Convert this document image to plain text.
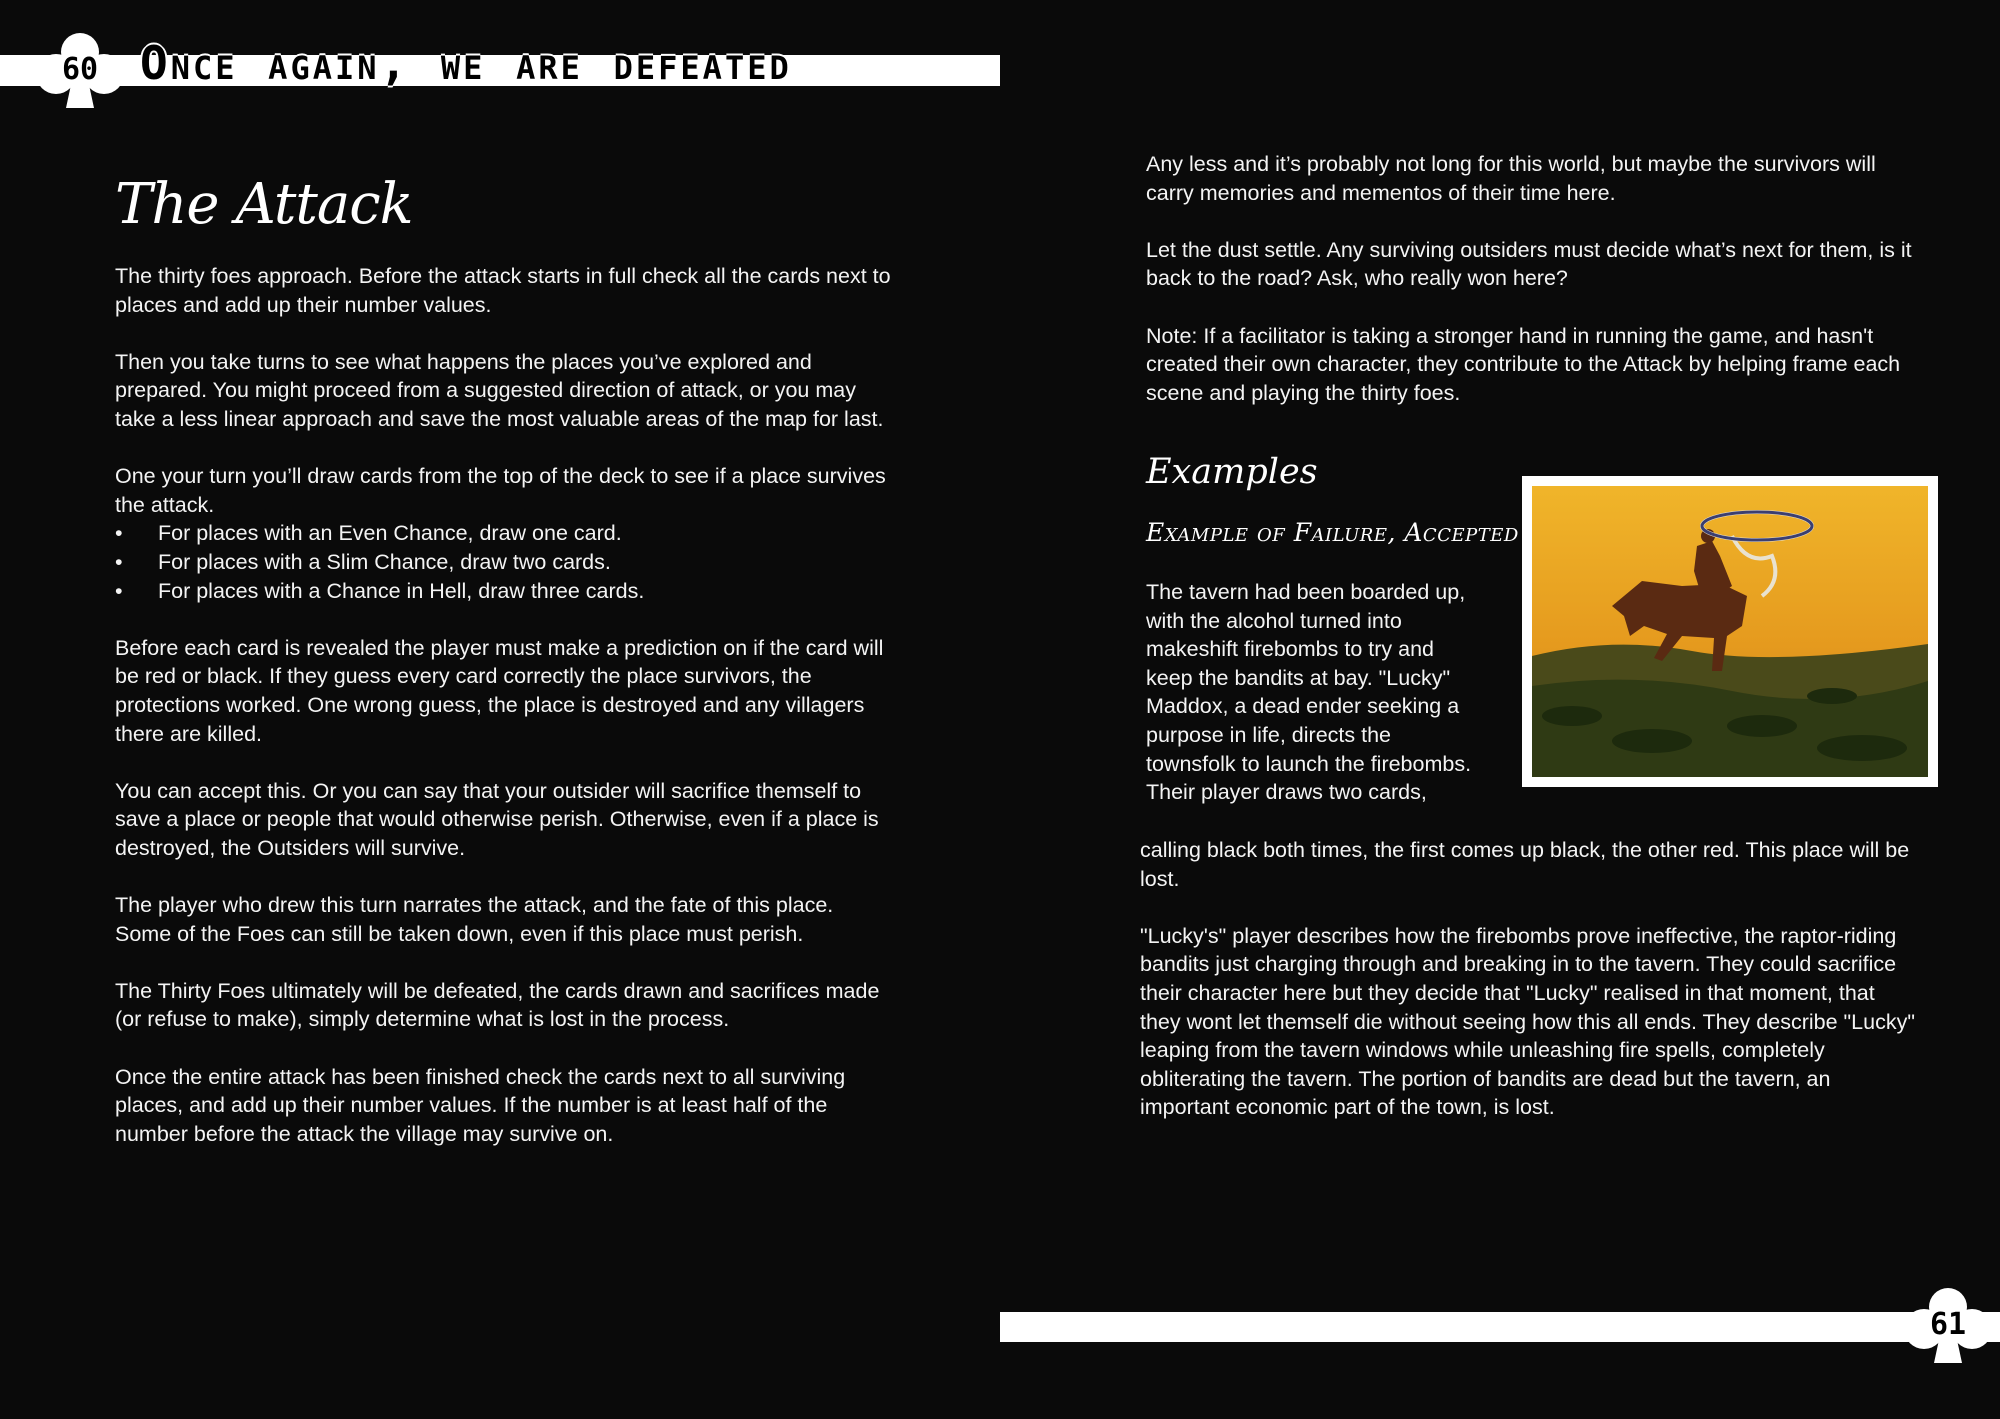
60 Once again, we are defeated
The Attack

The thirty foes approach. Before the attack starts in full check all the cards next to places and add up their number values.

Then you take turns to see what happens the places you’ve explored and prepared. You might proceed from a suggested direction of attack, or you may take a less linear approach and save the most valuable areas of the map for last.

One your turn you’ll draw cards from the top of the deck to see if a place survives the attack.

• For places with an Even Chance, draw one card.
• For places with a Slim Chance, draw two cards.
• For places with a Chance in Hell, draw three cards.

Before each card is revealed the player must make a prediction on if the card will be red or black. If they guess every card correctly the place survivors, the protections worked. One wrong guess, the place is destroyed and any villagers there are killed.

You can accept this. Or you can say that your outsider will sacrifice themself to save a place or people that would otherwise perish. Otherwise, even if a place is destroyed, the Outsiders will survive.

The player who drew this turn narrates the attack, and the fate of this place. Some of the Foes can still be taken down, even if this place must perish.

The Thirty Foes ultimately will be defeated, the cards drawn and sacrifices made (or refuse to make), simply determine what is lost in the process.

Once the entire attack has been finished check the cards next to all surviving places, and add up their number values. If the number is at least half of the number before the attack the village may survive on.

Any less and it’s probably not long for this world, but maybe the survivors will carry memories and mementos of their time here.

Let the dust settle. Any surviving outsiders must decide what’s next for them, is it back to the road? Ask, who really won here?

Note: If a facilitator is taking a stronger hand in running the game, and hasn't created their own character, they contribute to the Attack by helping frame each scene and playing the thirty foes.

Examples
Example of Failure, Accepted
The tavern had been boarded up, with the alcohol turned into makeshift firebombs to try and keep the bandits at bay. "Lucky" Maddox, a dead ender seeking a purpose in life, directs the townsfolk to launch the firebombs. Their player draws two cards,

calling black both times, the first comes up black, the other red. This place will be lost.

"Lucky's" player describes how the firebombs prove ineffective, the raptor-riding bandits just charging through and breaking in to the tavern. They could sacrifice their character here but they decide that "Lucky" realised in that moment, that they wont let themself die without seeing how this all ends. They describe "Lucky" leaping from the tavern windows while unleashing fire spells, completely obliterating the tavern. The portion of bandits are dead but the tavern, an important economic part of the town, is lost.

61
